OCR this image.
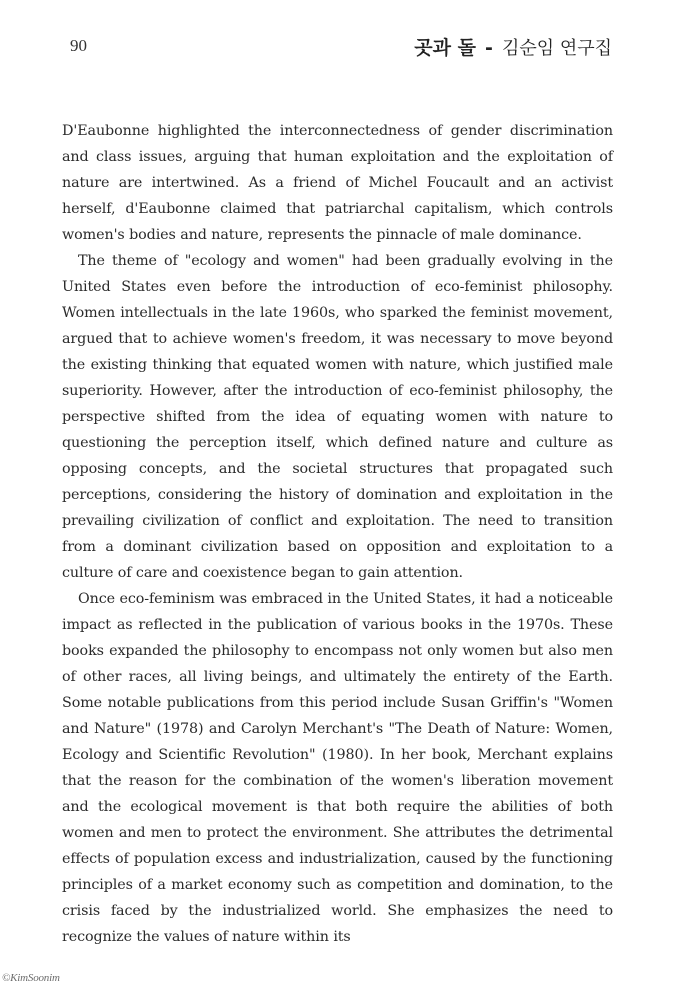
90	곳과 돌 - 김순임 연구집

D'Eaubonne highlighted the interconnectedness of gender discrimination and class issues, arguing that human exploitation and the exploitation of nature are intertwined. As a friend of Michel Foucault and an activist herself, d'Eaubonne claimed that patriarchal capitalism, which controls women's bodies and nature, represents the pinnacle of male dominance.

The theme of "ecology and women" had been gradually evolving in the United States even before the introduction of eco-feminist philosophy. Women intellectuals in the late 1960s, who sparked the feminist movement, argued that to achieve women's freedom, it was necessary to move beyond the existing thinking that equated women with nature, which justified male superiority. However, after the introduction of eco-feminist philosophy, the perspective shifted from the idea of equating women with nature to questioning the perception itself, which defined nature and culture as opposing concepts, and the societal structures that propagated such perceptions, considering the history of domination and exploitation in the prevailing civilization of conflict and exploitation. The need to transition from a dominant civilization based on opposition and exploitation to a culture of care and coexistence began to gain attention.

Once eco-feminism was embraced in the United States, it had a noticeable impact as reflected in the publication of various books in the 1970s. These books expanded the philosophy to encompass not only women but also men of other races, all living beings, and ultimately the entirety of the Earth. Some notable publications from this period include Susan Griffin's "Women and Nature" (1978) and Carolyn Merchant's "The Death of Nature: Women, Ecology and Scientific Revolution" (1980). In her book, Merchant explains that the reason for the combination of the women's liberation movement and the ecological movement is that both require the abilities of both women and men to protect the environment. She attributes the detrimental effects of population excess and industrialization, caused by the functioning principles of a market economy such as competition and domination, to the crisis faced by the industrialized world. She emphasizes the need to recognize the values of nature within its

©KimSoonim
